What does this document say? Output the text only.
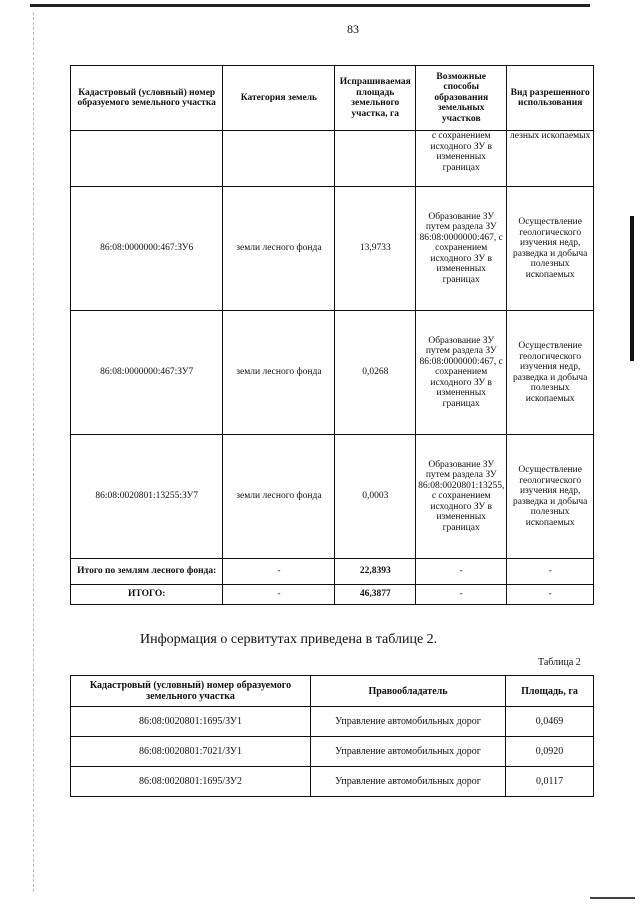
83
Кадастровый (условный) номер образуемого земельного участка	Категория земель	Испрашиваемая площадь земельного участка, га	Возможные способы образования земельных участков	Вид разрешенного использования
			с сохранением исходного ЗУ в измененных границах	лезных ископаемых
86:08:0000000:467:ЗУ6	земли лесного фонда	13,9733	Образование ЗУ путем раздела ЗУ 86:08:0000000:467, с сохранением исходного ЗУ в измененных границах	Осуществление геологического изучения недр, разведка и добыча полезных ископаемых
86:08:0000000:467:ЗУ7	земли лесного фонда	0,0268	Образование ЗУ путем раздела ЗУ 86:08:0000000:467, с сохранением исходного ЗУ в измененных границах	Осуществление геологического изучения недр, разведка и добыча полезных ископаемых
86:08:0020801:13255:ЗУ7	земли лесного фонда	0,0003	Образование ЗУ путем раздела ЗУ 86:08:0020801:13255, с сохранением исходного ЗУ в измененных границах	Осуществление геологического изучения недр, разведка и добыча полезных ископаемых
Итого по землям лесного фонда:	-	22,8393	-	-
ИТОГО:	-	46,3877	-	-
Информация о сервитутах приведена в таблице 2.
Таблица 2
Кадастровый (условный) номер образуемого земельного участка	Правообладатель	Площадь, га
86:08:0020801:1695/ЗУ1	Управление автомобильных дорог	0,0469
86:08:0020801:7021/ЗУ1	Управление автомобильных дорог	0,0920
86:08:0020801:1695/ЗУ2	Управление автомобильных дорог	0,0117
